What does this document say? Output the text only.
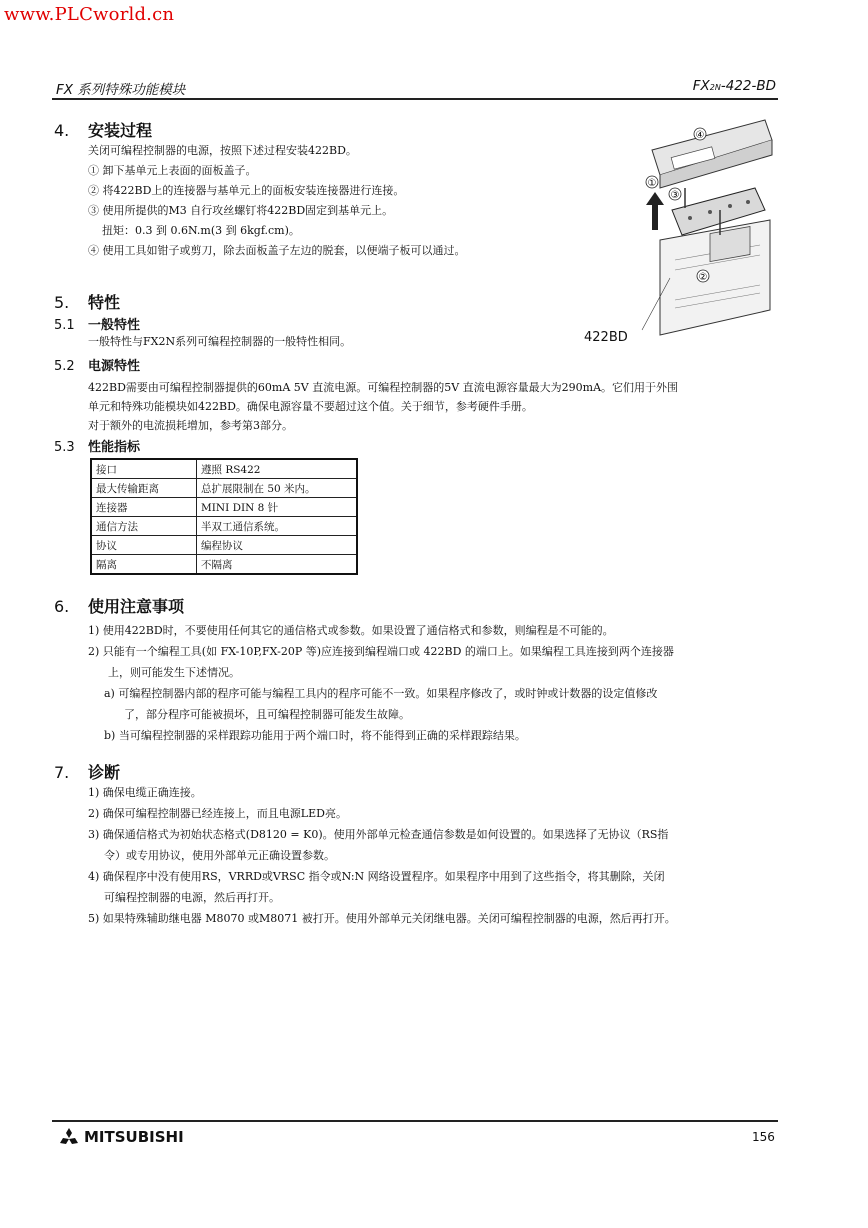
www.PLCworld.cn
FX 系列特殊功能模块	FX2N-422-BD
4. 安装过程
关闭可编程控制器的电源，按照下述过程安装422BD。
① 卸下基单元上表面的面板盖子。
② 将422BD上的连接器与基单元上的面板安装连接器进行连接。
③ 使用所提供的M3 自行攻丝螺钉将422BD固定到基单元上。
扭矩：0.3 到 0.6N.m(3 到 6kgf.cm)。
④ 使用工具如钳子或剪刀，除去面板盖子左边的脱套，以便端子板可以通过。
④
①
③
②
422BD
5. 特性
5.1 一般特性
一般特性与FX2N系列可编程控制器的一般特性相同。
5.2 电源特性
422BD需要由可编程控制器提供的60mA 5V 直流电源。可编程控制器的5V 直流电源容量最大为290mA。它们用于外围
单元和特殊功能模块如422BD。确保电源容量不要超过这个值。关于细节，参考硬件手册。
对于额外的电流损耗增加，参考第3部分。
5.3 性能指标
接口	遵照 RS422
最大传输距离	总扩展限制在 50 米内。
连接器	MINI DIN 8 针
通信方法	半双工通信系统。
协议	编程协议
隔离	不隔离
6. 使用注意事项
1) 使用422BD时，不要使用任何其它的通信格式或参数。如果设置了通信格式和参数，则编程是不可能的。
2) 只能有一个编程工具(如 FX-10P,FX-20P 等)应连接到编程端口或 422BD 的端口上。如果编程工具连接到两个连接器
上，则可能发生下述情况。
a) 可编程控制器内部的程序可能与编程工具内的程序可能不一致。如果程序修改了，或时钟或计数器的设定值修改
了，部分程序可能被损坏，且可编程控制器可能发生故障。
b) 当可编程控制器的采样跟踪功能用于两个端口时，将不能得到正确的采样跟踪结果。
7. 诊断
1) 确保电缆正确连接。
2) 确保可编程控制器已经连接上，而且电源LED亮。
3) 确保通信格式为初始状态格式(D8120 = K0)。使用外部单元检查通信参数是如何设置的。如果选择了无协议（RS指
令）或专用协议，使用外部单元正确设置参数。
4) 确保程序中没有使用RS，VRRD或VRSC 指令或N:N 网络设置程序。如果程序中用到了这些指令，将其删除，关闭
可编程控制器的电源，然后再打开。
5) 如果特殊辅助继电器 M8070 或M8071 被打开。使用外部单元关闭继电器。关闭可编程控制器的电源，然后再打开。
MITSUBISHI	156
